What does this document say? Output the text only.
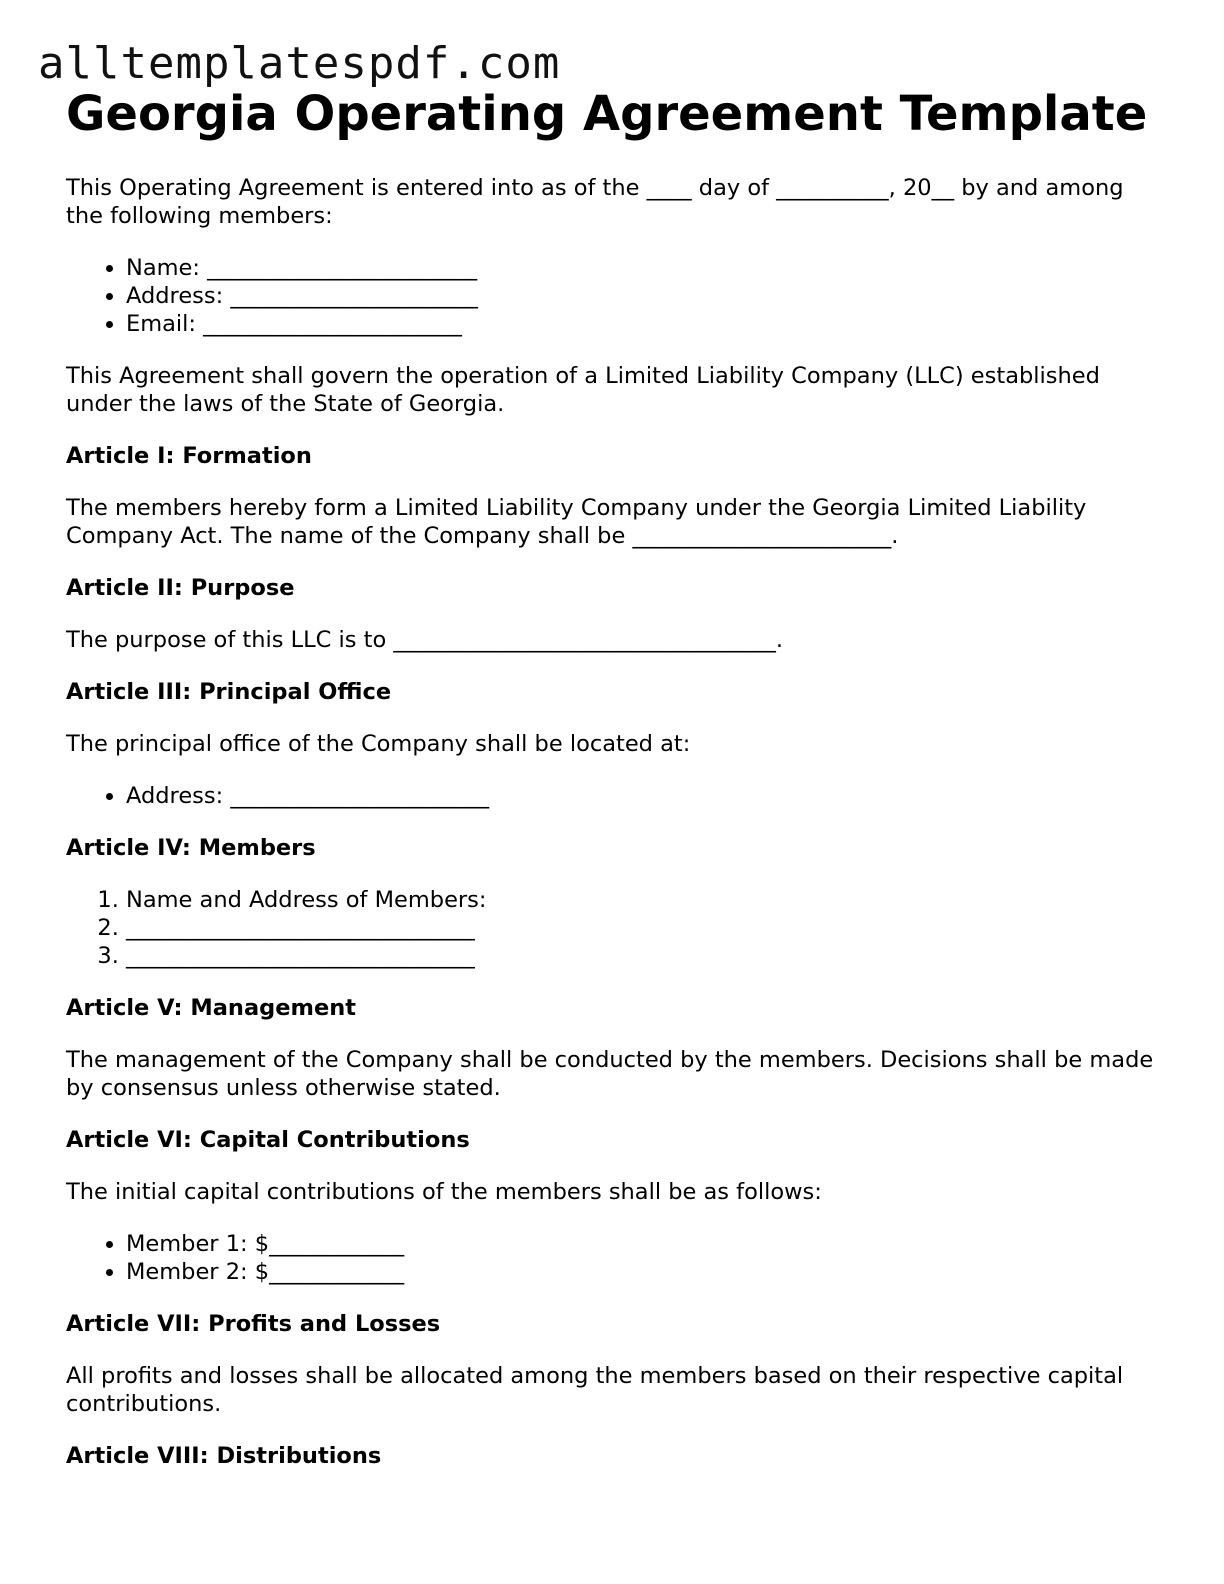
alltemplatespdf.com
Georgia Operating Agreement Template

This Operating Agreement is entered into as of the ____ day of __________, 20__ by and among the following members:

• Name: ________________________
• Address: ______________________
• Email: _______________________

This Agreement shall govern the operation of a Limited Liability Company (LLC) established under the laws of the State of Georgia.

Article I: Formation

The members hereby form a Limited Liability Company under the Georgia Limited Liability Company Act. The name of the Company shall be _______________________.

Article II: Purpose

The purpose of this LLC is to __________________________________.

Article III: Principal Office

The principal office of the Company shall be located at:

• Address: _______________________

Article IV: Members

1. Name and Address of Members:
2. _______________________________
3. _______________________________

Article V: Management

The management of the Company shall be conducted by the members. Decisions shall be made by consensus unless otherwise stated.

Article VI: Capital Contributions

The initial capital contributions of the members shall be as follows:

• Member 1: $____________
• Member 2: $____________

Article VII: Profits and Losses

All profits and losses shall be allocated among the members based on their respective capital contributions.

Article VIII: Distributions
